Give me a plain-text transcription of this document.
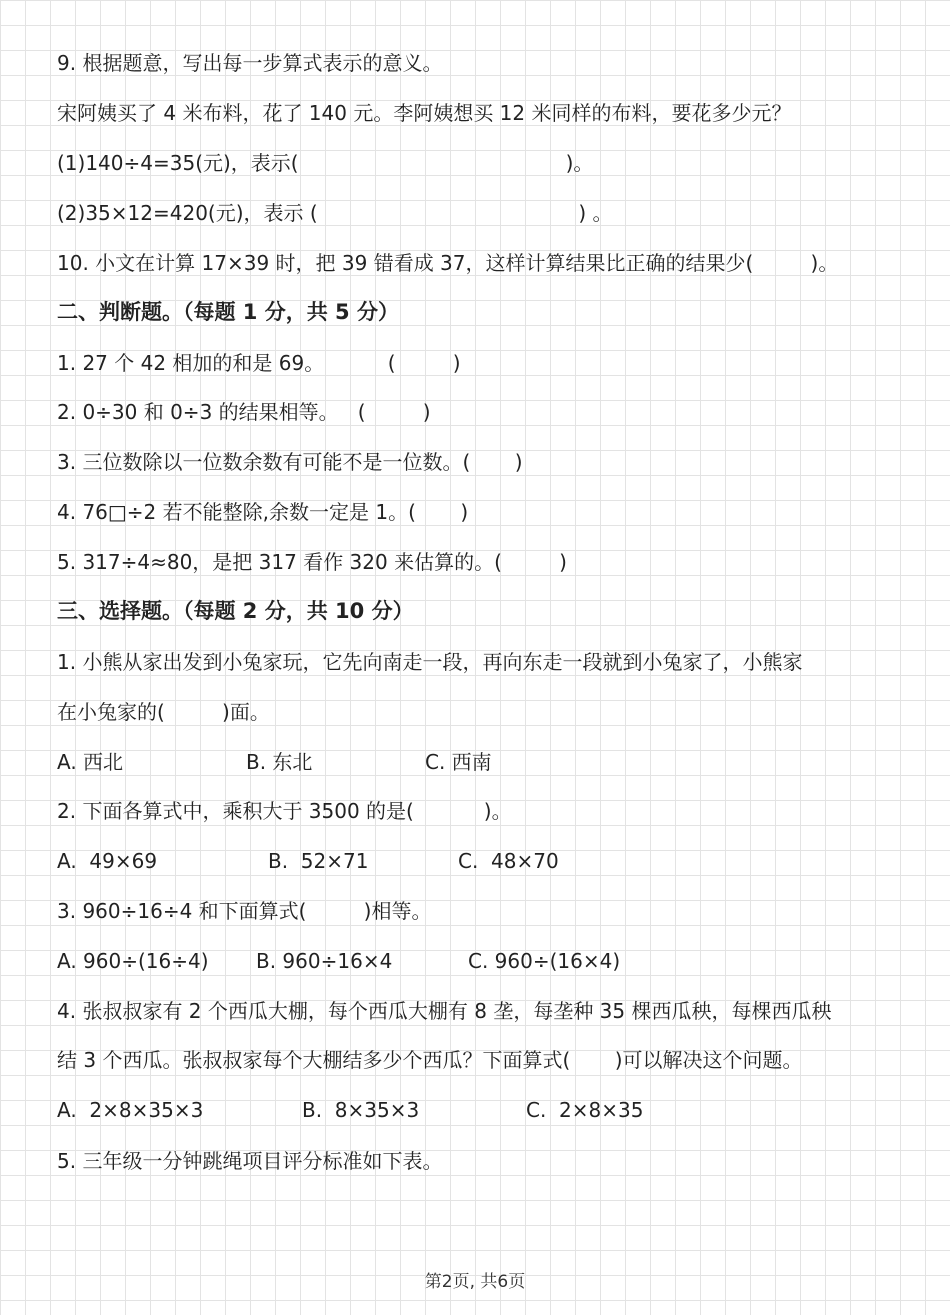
9. 根据题意，写出每一步算式表示的意义。
宋阿姨买了 4 米布料，花了 140 元。李阿姨想买 12 米同样的布料，要花多少元？
(1)140÷4=35(元)，表示(                                          )。
(2)35×12=420(元)，表示 (                                         ) 。
10. 小文在计算 17×39 时，把 39 错看成 37，这样计算结果比正确的结果少(         )。
二、判断题。（每题 1 分，共 5 分）
1. 27 个 42 相加的和是 69。          (         )
2. 0÷30 和 0÷3 的结果相等。   (         )
3. 三位数除以一位数余数有可能不是一位数。(       )
4. 76□÷2 若不能整除,余数一定是 1。(       )
5. 317÷4≈80，是把 317 看作 320 来估算的。(         )
三、选择题。（每题 2 分，共 10 分）
1. 小熊从家出发到小兔家玩，它先向南走一段，再向东走一段就到小兔家了，小熊家
在小兔家的(         )面。
A. 西北	B. 东北	C. 西南
2. 下面各算式中，乘积大于 3500 的是(           )。
A.  49×69	B.  52×71	C.  48×70
3. 960÷16÷4 和下面算式(         )相等。
A. 960÷(16÷4) B. 960÷16×4	C. 960÷(16×4)
4. 张叔叔家有 2 个西瓜大棚，每个西瓜大棚有 8 垄，每垄种 35 棵西瓜秧，每棵西瓜秧
结 3 个西瓜。张叔叔家每个大棚结多少个西瓜？下面算式(       )可以解决这个问题。
A.  2×8×35×3	B.  8×35×3	C.  2×8×35
5. 三年级一分钟跳绳项目评分标准如下表。
第2页, 共6页
